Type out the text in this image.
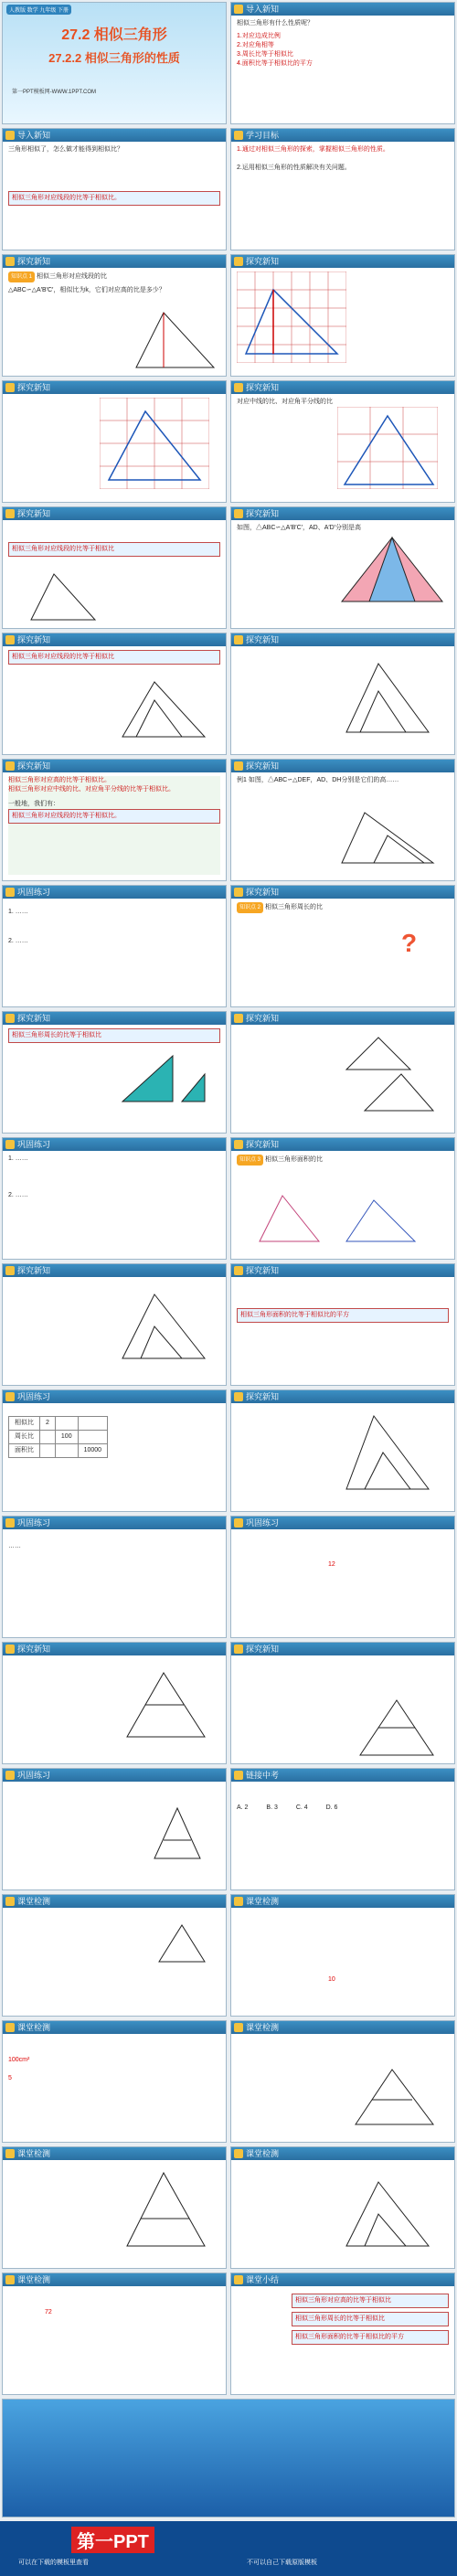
人教版 数学 九年级 下册
27.2 相似三角形
27.2.2 相似三角形的性质
第一PPT模板网-WWW.1PPT.COM
导入新知
相似三角形有什么性质呢？
1.对应边成比例
2.对应角相等
3.周长比等于相似比
4.面积比等于相似比的平方
导入新知
三角形相似了，怎么做才能得到相似比？
相似三角形对应线段的比等于相似比。
学习目标
1.通过对相似三角形的探索，掌握相似三角形的性质。
2.运用相似三角形的性质解决有关问题。
探究新知
知识点 1 相似三角形对应线段的比
△ABC∽△A′B′C′，相似比为k，它们对应高的比是多少？
探究新知
探究新知	探究新知
对应中线的比、对应角平分线的比
探究新知
相似三角形对应线段的比等于相似比
探究新知
如图，△ABC∽△A′B′C′，AD、A′D′分别是高
探究新知
相似三角形对应线段的比等于相似比
探究新知
探究新知
相似三角形对应高的比等于相似比。
相似三角形对应中线的比、对应角平分线的比等于相似比。
一般地，我们有：
相似三角形对应线段的比等于相似比。
探究新知
例1 如图，△ABC∽△DEF，AD、DH分别是它们的高……
巩固练习
1. ……
2. ……
探究新知
知识点 2 相似三角形周长的比
?
探究新知
相似三角形周长的比等于相似比
探究新知
巩固练习
1. ……
2. ……
探究新知
知识点 3 相似三角形面积的比
探究新知	探究新知
相似三角形面积的比等于相似比的平方
巩固练习
相似比	2		
周长比		100	
面积比			10000
探究新知
巩固练习
……
巩固练习
12
探究新知	探究新知
巩固练习	链接中考
A. 2	B. 3	C. 4	D. 6
课堂检测	课堂检测
10
课堂检测
100cm²
5
课堂检测
课堂检测	课堂检测
课堂检测
72
课堂小结
相似三角形对应高的比等于相似比
相似三角形周长的比等于相似比
相似三角形面积的比等于相似比的平方
第一PPT
可以在下载的模板里查看	不可以自己下载原版模板
